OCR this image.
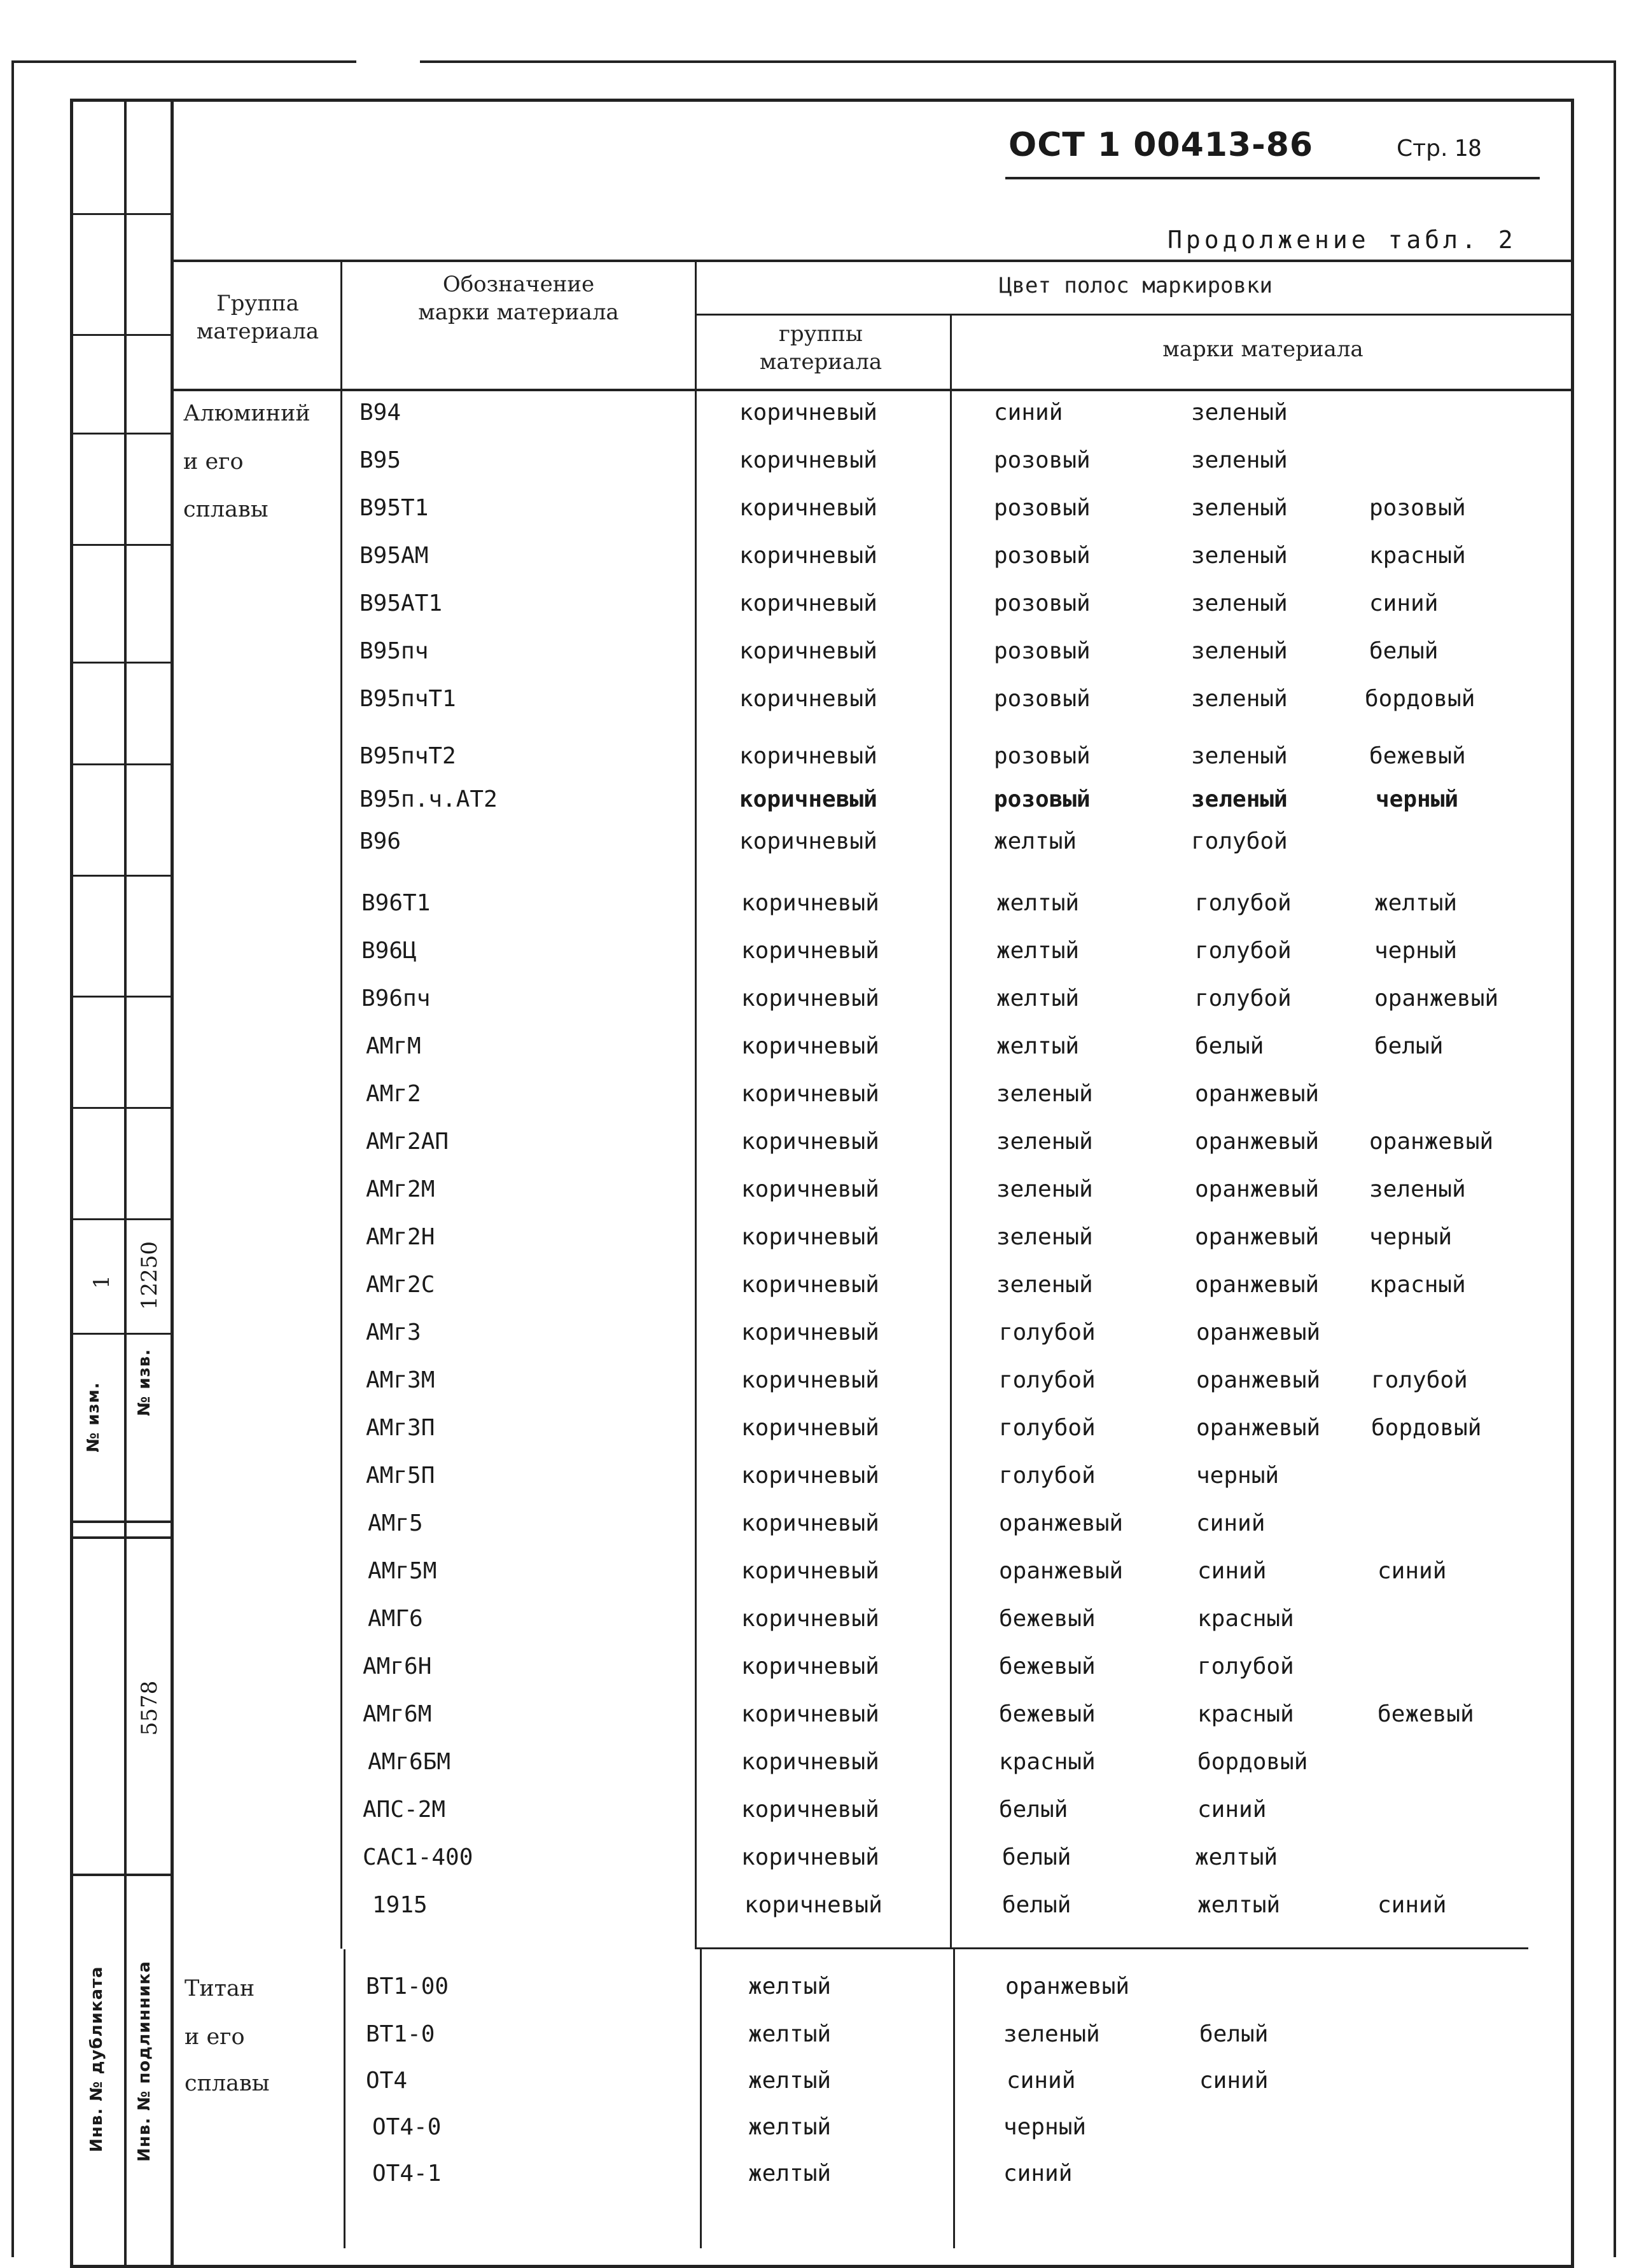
1 12250
№ изм. № изв.
5578
Инв. № дубликата Инв. № подлинника
ОСТ 1 00413-86	Стр. 18
Продолжение табл. 2
Группа материала
Обозначение марки материала
Цвет полос маркировки
группы материала	марки материала
Алюминий
и его
сплавы
Титан
и его
сплавы
В94	коричневый	синий	зеленый
В95	коричневый	розовый	зеленый
В95Т1	коричневый	розовый	зеленый	розовый
В95АМ	коричневый	розовый	зеленый	красный
В95АТ1	коричневый	розовый	зеленый	синий
В95пч	коричневый	розовый	зеленый	белый
В95пчТ1	коричневый	розовый	зеленый	бордовый
В95пчТ2	коричневый	розовый	зеленый	бежевый
В95п.ч.АТ2	коричневый	розовый	зеленый	черный
В96	коричневый	желтый	голубой
В96Т1	коричневый	желтый	голубой	желтый
В96Ц	коричневый	желтый	голубой	черный
В96пч	коричневый	желтый	голубой	оранжевый
АМгМ	коричневый	желтый	белый	белый
АМг2	коричневый	зеленый	оранжевый
АМг2АП	коричневый	зеленый	оранжевый оранжевый
АМг2М	коричневый	зеленый	оранжевый зеленый
АМг2Н	коричневый	зеленый	оранжевый черный
АМг2С	коричневый	зеленый	оранжевый красный
АМг3	коричневый	голубой	оранжевый
АМг3М	коричневый	голубой	оранжевый голубой
АМг3П	коричневый	голубой	оранжевый бордовый
АМг5П	коричневый	голубой	черный
АМг5	коричневый	оранжевый	синий
АМг5М	коричневый	оранжевый	синий	синий
АМГ6	коричневый	бежевый	красный
АМг6Н	коричневый	бежевый	голубой
АМг6М	коричневый	бежевый	красный	бежевый
АМг6БМ	коричневый	красный	бордовый
АПС-2М	коричневый	белый	синий
САС1-400	коричневый	белый	желтый
1915	коричневый	белый	желтый	синий
ВТ1-00	желтый	оранжевый
ВТ1-0	желтый	зеленый	белый
ОТ4	желтый	синий	синий
ОТ4-0	желтый	черный
ОТ4-1	желтый	синий
